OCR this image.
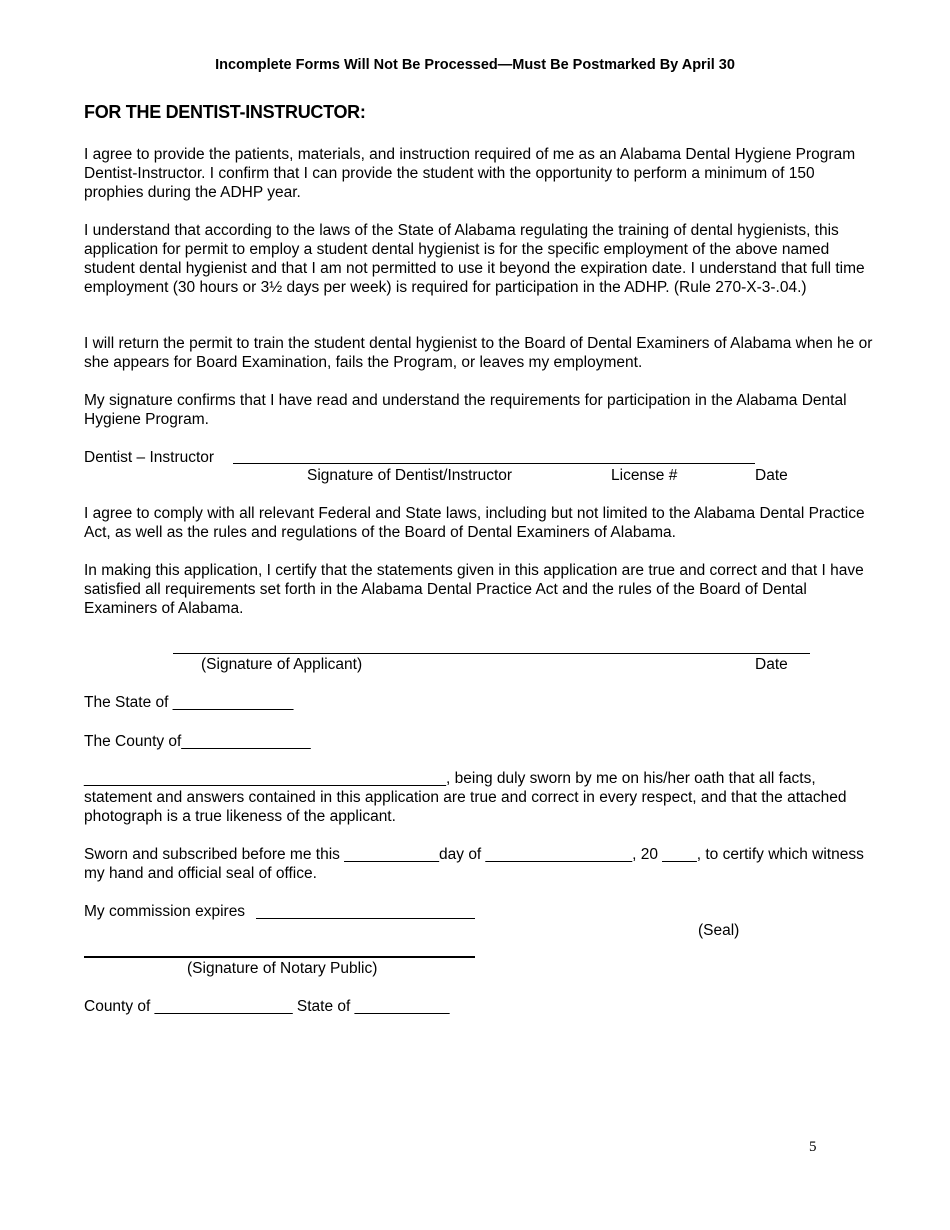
Incomplete Forms Will Not Be Processed—Must Be Postmarked By April 30

FOR THE DENTIST-INSTRUCTOR:

I agree to provide the patients, materials, and instruction required of me as an Alabama Dental Hygiene Program Dentist-Instructor. I confirm that I can provide the student with the opportunity to perform a minimum of 150 prophies during the ADHP year.

I understand that according to the laws of the State of Alabama regulating the training of dental hygienists, this application for permit to employ a student dental hygienist is for the specific employment of the above named student dental hygienist and that I am not permitted to use it beyond the expiration date. I understand that full time employment (30 hours or 3½ days per week) is required for participation in the ADHP. (Rule 270-X-3-.04.)

I will return the permit to train the student dental hygienist to the Board of Dental Examiners of Alabama when he or she appears for Board Examination, fails the Program, or leaves my employment.

My signature confirms that I have read and understand the requirements for participation in the Alabama Dental Hygiene Program.

Dentist – Instructor
Signature of Dentist/Instructor	License #	Date

I agree to comply with all relevant Federal and State laws, including but not limited to the Alabama Dental Practice Act, as well as the rules and regulations of the Board of Dental Examiners of Alabama.

In making this application, I certify that the statements given in this application are true and correct and that I have satisfied all requirements set forth in the Alabama Dental Practice Act and the rules of the Board of Dental Examiners of Alabama.

(Signature of Applicant)	Date
The State of ______________
The County of_______________

__________________________________________, being duly sworn by me on his/her oath that all facts, statement and answers contained in this application are true and correct in every respect, and that the attached photograph is a true likeness of the applicant.

Sworn and subscribed before me this ___________day of _________________, 20 ____, to certify which witness my hand and official seal of office.

My commission expires
(Seal)
(Signature of Notary Public)
County of ________________ State of ___________
5
